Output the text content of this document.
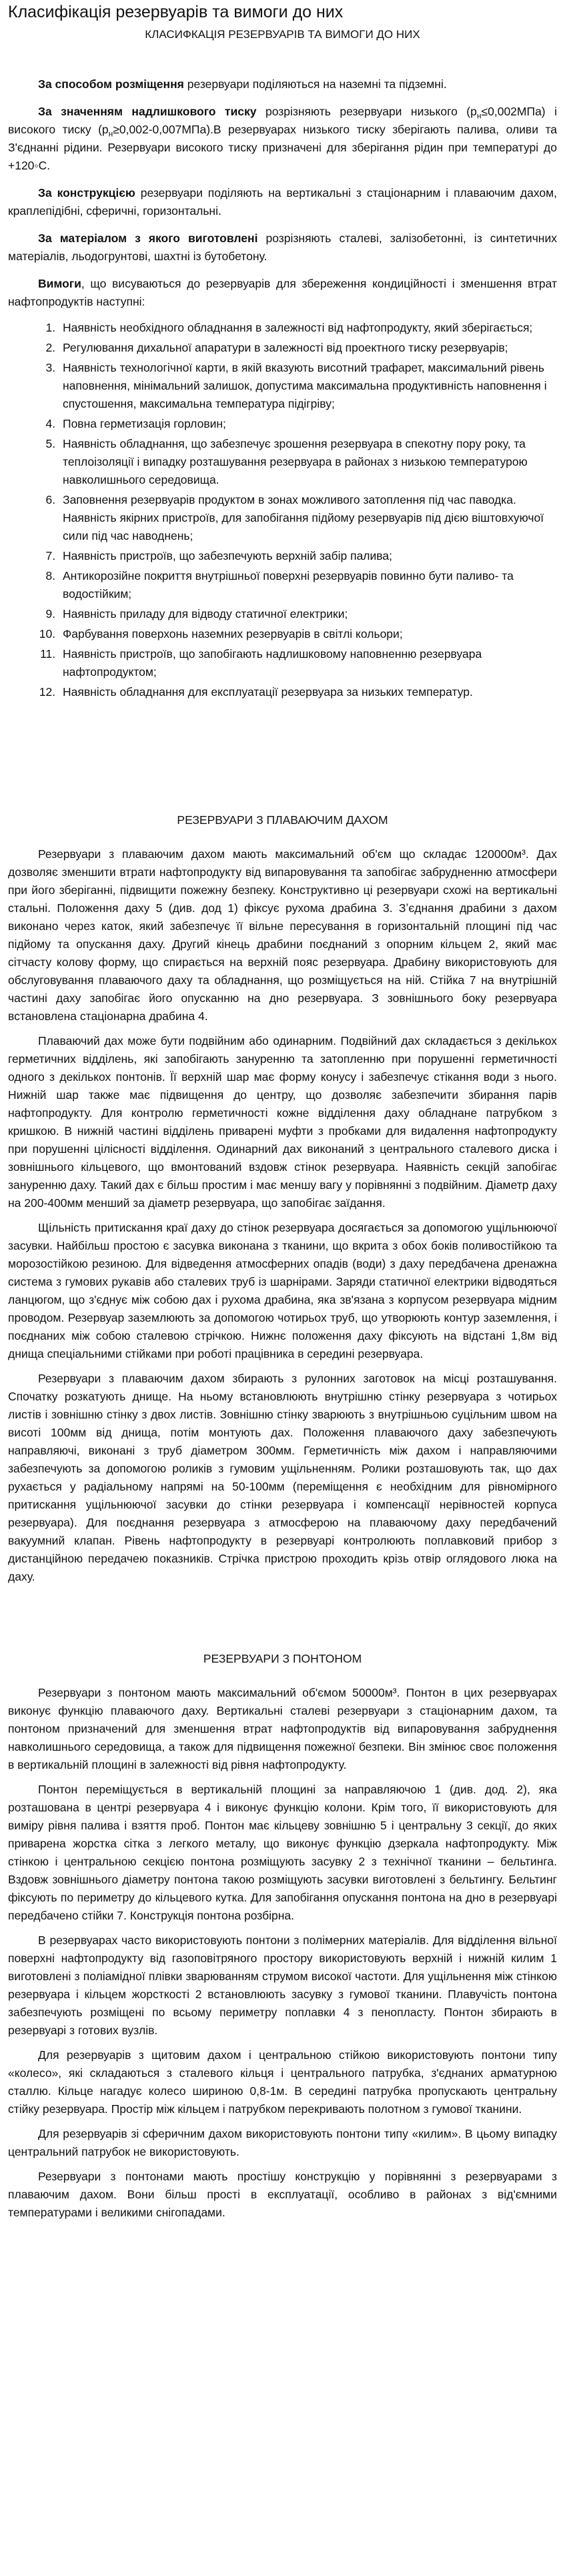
Класифікація резервуарів та вимоги до них
КЛАСИФКАЦІЯ РЕЗЕРВУАРІВ ТА ВИМОГИ ДО НИХ

За способом розміщення резервуари поділяються на наземні та підземні.

За значенням надлишкового тиску розрізняють резервуари низького $(p_н\le 0,002МПа)$ і високого тиску $(p_н\ge 0,002-0,007МПа).В$ резервуарах низького тиску зберігають палива, оливи та З'єднанні рідини. Резервуари високого тиску призначені для зберігання рідин при температурі до +120◦С.

За конструкцією резервуари поділяють на вертикальні з стаціонарним і плаваючим дахом, краплепідібні, сферичні, горизонтальні.

За матеріалом з якого виготовлені розрізняють сталеві, залізобетонні, із синтетичних матеріалів, льодогрунтові, шахтні із бутобетону.

Вимоги, що висуваються до резервуарів для збереження кондиційності і зменшення втрат нафтопродуктів наступні:

1. Наявність необхідного обладнання в залежності від нафтопродукту, який зберігається;
2. Регулювання дихальної апаратури в залежності від проектного тиску резервуарів;
3. Наявність технологічної карти, в якій вказують висотний трафарет, максимальний рівень наповнення, мінімальний залишок, допустима максимальна продуктивність наповнення і спустошення, максимальна температура підігріву;
4. Повна герметизація горловин;
5. Наявність обладнання, що забезпечує зрошення резервуара в спекотну пору року, та теплоізоляції і випадку розташування резервуара в районах з низькою температурою навколишнього середовища.
6. Заповнення резервуарів продуктом в зонах можливого затоплення під час паводка. Наявність якірних пристроїв, для запобігання підйому резервуарів під дією віштовхуючої сили під час наводнень;
7. Наявність пристроїв, що забезпечують верхній забір палива;
8. Антикорозійне покриття внутрішньої поверхні резервуарів повинно бути паливо- та водостійким;
9. Наявність приладу для відводу статичної електрики;
10. Фарбування поверхонь наземних резервуарів в світлі кольори;
11. Наявність пристроїв, що запобігають надлишковому наповненню резервуара нафтопродуктом;
12. Наявність обладнання для експлуатації резервуара за низьких температур.
РЕЗЕРВУАРИ З ПЛАВАЮЧИМ ДАХОМ

Резервуари з плаваючим дахом мають максимальний об'єм що складає 120000м³. Дах дозволяє зменшити втрати нафтопродукту від випаровування та запобігає забрудненню атмосфери при його зберіганні, підвищити пожежну безпеку. Конструктивно ці резервуари схожі на вертикальні стальні. Положення даху 5 (див. дод 1) фіксує рухома драбина 3. Зʼєднання драбини з дахом виконано через каток, який забезпечує її вільне пересування в горизонтальній площині під час підйому та опускання даху. Другий кінець драбини поєднаний з опорним кільцем 2, який має сітчасту колову форму, що спирається на верхній пояс резервуара. Драбину використовують для обслуговування плаваючого даху та обладнання, що розміщується на ній. Стійка 7 на внутрішній частині даху запобігає його опусканню на дно резервуара. З зовнішнього боку резервуара встановлена стаціонарна драбина 4.

Плаваючий дах може бути подвійним або одинарним. Подвійний дах складається з декількох герметичних відділень, які запобігають зануренню та затопленню при порушенні герметичності одного з декількох понтонів. Її верхній шар має форму конусу і забезпечує стікання води з нього. Нижній шар также має підвищення до центру, що дозволяє забезпечити збирання парів нафтопродукту. Для контролю герметичності кожне відділення даху обладнане патрубком з кришкою. В нижній частині відділень приварені муфти з пробками для видалення нафтопродукту при порушенні цілісності відділення. Одинарний дах виконаний з центрального сталевого диска і зовнішнього кільцевого, що вмонтований вздовж стінок резервуара. Наявність секцій запобігає зануренню даху. Такий дах є більш простим і має меншу вагу у порівнянні з подвійним. Діаметр даху на 200-400мм менший за діаметр резервуара, що запобігає заїдання.

Щільність притискання краї даху до стінок резервуара досягається за допомогою ущільнюючої засувки. Найбільш простою є засувка виконана з тканини, що вкрита з обох боків поливостійкою та морозостійкою резиною. Для відведення атмосферних опадів (води) з даху передбачена дренажна система з гумових рукавів або сталевих труб із шарнірами. Заряди статичної електрики відводяться ланцюгом, що з'єднує між собою дах і рухома драбина, яка зв'язана з корпусом резервуара мідним проводом. Резервуар заземлюють за допомогою чотирьох труб, що утворюють контур заземлення, і поєднаних між собою сталевою стрічкою. Нижнє положення даху фіксують на відстані 1,8м від днища спеціальними стійками при роботі працівника в середині резервуара.

Резервуари з плаваючим дахом збирають з рулонних заготовок на місці розташування. Спочатку розкатують днище. На ньому встановлюють внутрішню стінку резервуара з чотирьох листів і зовнішню стінку з двох листів. Зовнішню стінку зварюють з внутрішньою суцільним швом на висоті 100мм від днища, потім монтують дах. Положення плаваючого даху забезпечують направляючі, виконані з труб діаметром 300мм. Герметичність між дахом і направляючими забезпечують за допомогою роликів з гумовим ущільненням. Ролики розташовують так, що дах рухається у радіальному напрямі на 50-100мм (переміщення є необхідним для рівномірного притискання ущільнюючої засувки до стінки резервуара і компенсації нерівностей корпуса резервуара). Для поєднання резервуара з атмосферою на плаваючому даху передбачений вакуумний клапан. Рівень нафтопродукту в резервуарі контролюють поплавковий прибор з дистанційною передачею показників. Стрічка пристрою проходить крізь отвір оглядового люка на даху.

РЕЗЕРВУАРИ З ПОНТОНОМ

Резервуари з понтоном мають максимальний об'ємом 50000м³. Понтон в цих резервуарах виконує функцію плаваючого даху. Вертикальні сталеві резервуари з стаціонарним дахом, та понтоном призначений для зменшення втрат нафтопродуктів від випаровування забруднення навколишнього середовища, а також для підвищення пожежної безпеки. Він змінює своє положення в вертикальній площині в залежності від рівня нафтопродукту.

Понтон переміщується в вертикальній площині за направляючою 1 (див. дод. 2), яка розташована в центрі резервуара 4 і виконує функцію колони. Крім того, її використовують для виміру рівня палива і взяття проб. Понтон має кільцеву зовнішню 5 і центральну 3 секції, до яких приварена жорстка сітка з легкого металу, що виконує функцію дзеркала нафтопродукту. Між стінкою і центральною секцією понтона розміщують засувку 2 з технічної тканини – бельтинга. Вздовж зовнішнього діаметру понтона такою розміщують засувки виготовлені з бельтингу. Бельтинг фіксують по периметру до кільцевого кутка. Для запобігання опускання понтона на дно в резервуарі передбачено стійки 7. Конструкція понтона розбірна.

В резервуарах часто використовують понтони з полімерних матеріалів. Для відділення вільної поверхні нафтопродукту від газоповітряного простору використовують верхній і нижній килим 1 виготовлені з поліамідної плівки зварюванням струмом високої частоти. Для ущільнення між стінкою резервуара і кільцем жорсткості 2 встановлюють засувку з гумової тканини. Плавучість понтона забезпечують розміщені по всьому периметру поплавки 4 з пенопласту. Понтон збирають в резервуарі з готових вузлів.

Для резервуарів з щитовим дахом і центральною стійкою використовують понтони типу «колесо», які складаються з сталевого кільця і центрального патрубка, з'єднаних арматурною сталлю. Кільце нагадує колесо шириною 0,8-1м. В середині патрубка пропускають центральну стійку резервуара. Простір між кільцем і патрубком перекривають полотном з гумової тканини.

Для резервуарів зі сферичним дахом використовують понтони типу «килим». В цьому випадку центральний патрубок не використовують.

Резервуари з понтонами мають простішу конструкцію у порівнянні з резервуарами з плаваючим дахом. Вони більш прості в експлуатації, особливо в районах з від'ємними температурами і великими снігопадами.
